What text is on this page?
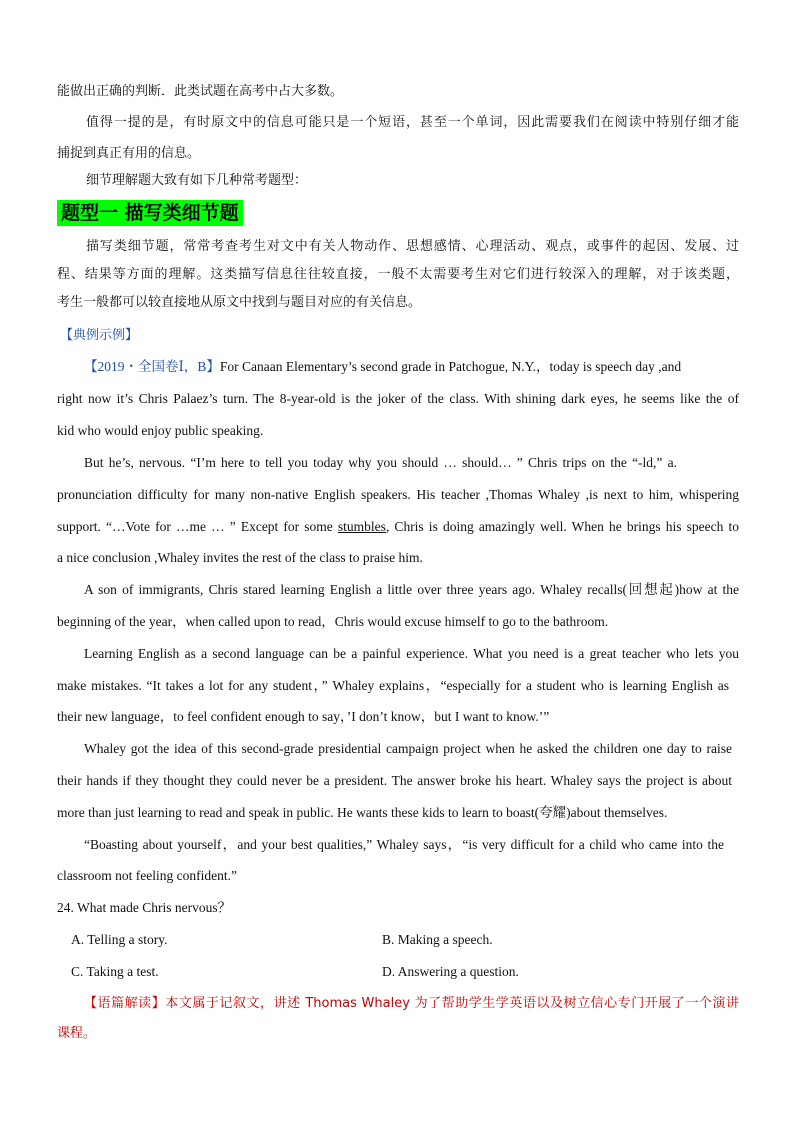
能做出正确的判断．此类试题在高考中占大多数。
值得一提的是，有时原文中的信息可能只是一个短语，甚至一个单词，因此需要我们在阅读中特别仔细才能
捕捉到真正有用的信息。
细节理解题大致有如下几种常考题型：
题型一 描写类细节题
描写类细节题，常常考查考生对文中有关人物动作、思想感情、心理活动、观点，或事件的起因、发展、过
程、结果等方面的理解。这类描写信息往往较直接，一般不太需要考生对它们进行较深入的理解，对于该类题，
考生一般都可以较直接地从原文中找到与题目对应的有关信息。
【典例示例】
【2019・全国卷Ⅰ，B】For Canaan Elementary’s second grade in Patchogue, N.Y.，today is speech day ,and
right now it’s Chris Palaez’s turn. The 8-year-old is the joker of the class. With shining dark eyes, he seems like the of
kid who would enjoy public speaking.
But he’s, nervous. “I’m here to tell you today why you should … should… ” Chris trips on the “-ld,” a.
pronunciation difficulty for many non-native English speakers. His teacher ,Thomas Whaley ,is next to him, whispering
support. “…Vote for …me … ” Except for some stumbles, Chris is doing amazingly well. When he brings his speech to
a nice conclusion ,Whaley invites the rest of the class to praise him.
A son of immigrants, Chris stared learning English a little over three years ago. Whaley recalls(回想起)how at the
beginning of the year，when called upon to read，Chris would excuse himself to go to the bathroom.
Learning English as a second language can be a painful experience. What you need is a great teacher who lets you
make mistakes. “It takes a lot for any student，” Whaley explains，“especially for a student who is learning English as
their new language，to feel confident enough to say，’I don’t know，but I want to know.’”
Whaley got the idea of this second-grade presidential campaign project when he asked the children one day to raise
their hands if they thought they could never be a president. The answer broke his heart. Whaley says the project is about
more than just learning to read and speak in public. He wants these kids to learn to boast(夸耀)about themselves.
“Boasting about yourself，and your best qualities,” Whaley says，“is very difficult for a child who came into the
classroom not feeling confident.”
24. What made Chris nervous？
A. Telling a story.	B. Making a speech.
C. Taking a test.	D. Answering a question.
【语篇解读】本文属于记叙文，讲述 Thomas Whaley 为了帮助学生学英语以及树立信心专门开展了一个演讲
课程。
